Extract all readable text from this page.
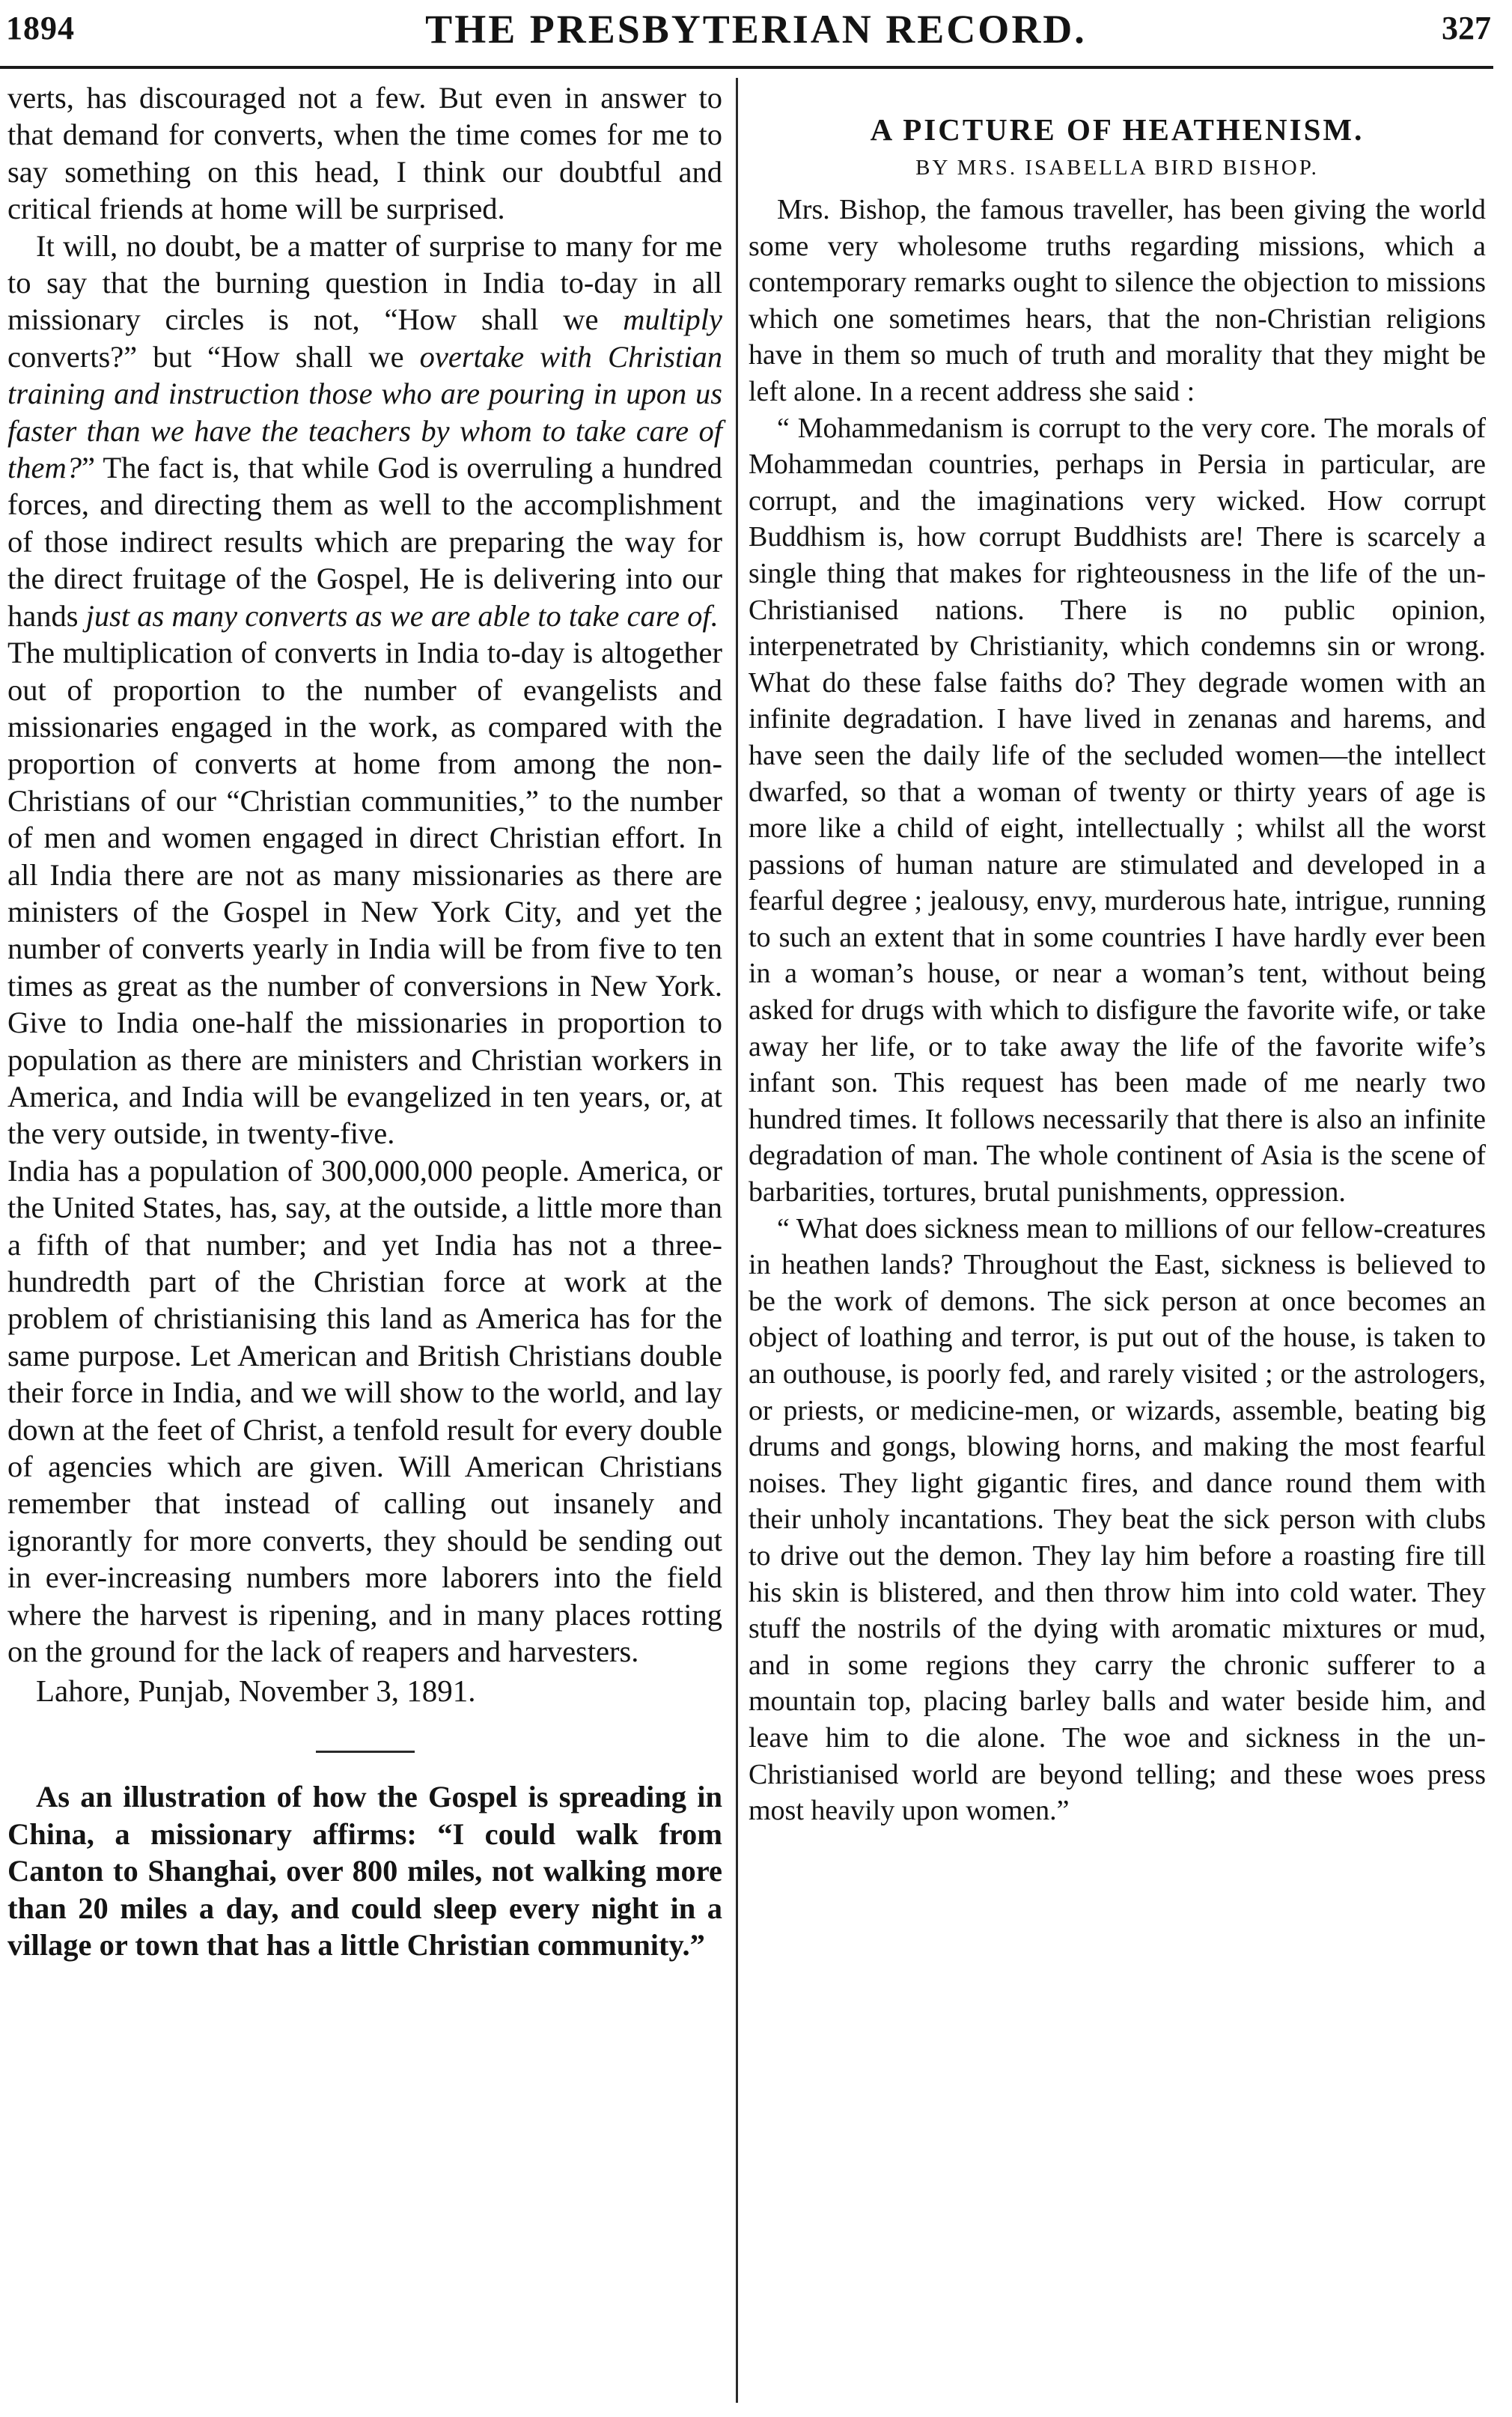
1894	THE PRESBYTERIAN RECORD.	327

verts, has discouraged not a few. But even in answer to that demand for converts, when the time comes for me to say something on this head, I think our doubtful and critical friends at home will be surprised.

It will, no doubt, be a matter of surprise to many for me to say that the burning question in India to-day in all missionary circles is not, “How shall we multiply converts?” but “How shall we overtake with Christian training and instruction those who are pouring in upon us faster than we have the teachers by whom to take care of them?” The fact is, that while God is overruling a hundred forces, and directing them as well to the accomplishment of those indirect results which are preparing the way for the direct fruitage of the Gospel, He is delivering into our hands just as many converts as we are able to take care of.

The multiplication of converts in India to-day is altogether out of proportion to the number of evangelists and missionaries engaged in the work, as compared with the proportion of converts at home from among the non-Christians of our “Christian communities,” to the number of men and women engaged in direct Christian effort. In all India there are not as many missionaries as there are ministers of the Gospel in New York City, and yet the number of converts yearly in India will be from five to ten times as great as the number of conversions in New York. Give to India one-half the missionaries in proportion to population as there are ministers and Christian workers in America, and India will be evangelized in ten years, or, at the very outside, in twenty-five.

India has a population of 300,000,000 people. America, or the United States, has, say, at the outside, a little more than a fifth of that number; and yet India has not a three-hundredth part of the Christian force at work at the problem of christianising this land as America has for the same purpose. Let American and British Christians double their force in India, and we will show to the world, and lay down at the feet of Christ, a tenfold result for every double of agencies which are given. Will American Christians remember that instead of calling out insanely and ignorantly for more converts, they should be sending out in ever-increasing numbers more laborers into the field where the harvest is ripening, and in many places rotting on the ground for the lack of reapers and harvesters.

Lahore, Punjab, November 3, 1891.

As an illustration of how the Gospel is spreading in China, a missionary affirms: “I could walk from Canton to Shanghai, over 800 miles, not walking more than 20 miles a day, and could sleep every night in a village or town that has a little Christian community.”

A PICTURE OF HEATHENISM.
BY MRS. ISABELLA BIRD BISHOP.

Mrs. Bishop, the famous traveller, has been giving the world some very wholesome truths regarding missions, which a contemporary remarks ought to silence the objection to missions which one sometimes hears, that the non-Christian religions have in them so much of truth and morality that they might be left alone. In a recent address she said :

“ Mohammedanism is corrupt to the very core. The morals of Mohammedan countries, perhaps in Persia in particular, are corrupt, and the imaginations very wicked. How corrupt Buddhism is, how corrupt Buddhists are! There is scarcely a single thing that makes for righteousness in the life of the un-Christianised nations. There is no public opinion, interpenetrated by Christianity, which condemns sin or wrong. What do these false faiths do? They degrade women with an infinite degradation. I have lived in zenanas and harems, and have seen the daily life of the secluded women—the intellect dwarfed, so that a woman of twenty or thirty years of age is more like a child of eight, intellectually ; whilst all the worst passions of human nature are stimulated and developed in a fearful degree ; jealousy, envy, murderous hate, intrigue, running to such an extent that in some countries I have hardly ever been in a woman’s house, or near a woman’s tent, without being asked for drugs with which to disfigure the favorite wife, or take away her life, or to take away the life of the favorite wife’s infant son. This request has been made of me nearly two hundred times. It follows necessarily that there is also an infinite degradation of man. The whole continent of Asia is the scene of barbarities, tortures, brutal punishments, oppression.

“ What does sickness mean to millions of our fellow-creatures in heathen lands? Throughout the East, sickness is believed to be the work of demons. The sick person at once becomes an object of loathing and terror, is put out of the house, is taken to an outhouse, is poorly fed, and rarely visited ; or the astrologers, or priests, or medicine-men, or wizards, assemble, beating big drums and gongs, blowing horns, and making the most fearful noises. They light gigantic fires, and dance round them with their unholy incantations. They beat the sick person with clubs to drive out the demon. They lay him before a roasting fire till his skin is blistered, and then throw him into cold water. They stuff the nostrils of the dying with aromatic mixtures or mud, and in some regions they carry the chronic sufferer to a mountain top, placing barley balls and water beside him, and leave him to die alone. The woe and sickness in the un-Christianised world are beyond telling; and these woes press most heavily upon women.”
